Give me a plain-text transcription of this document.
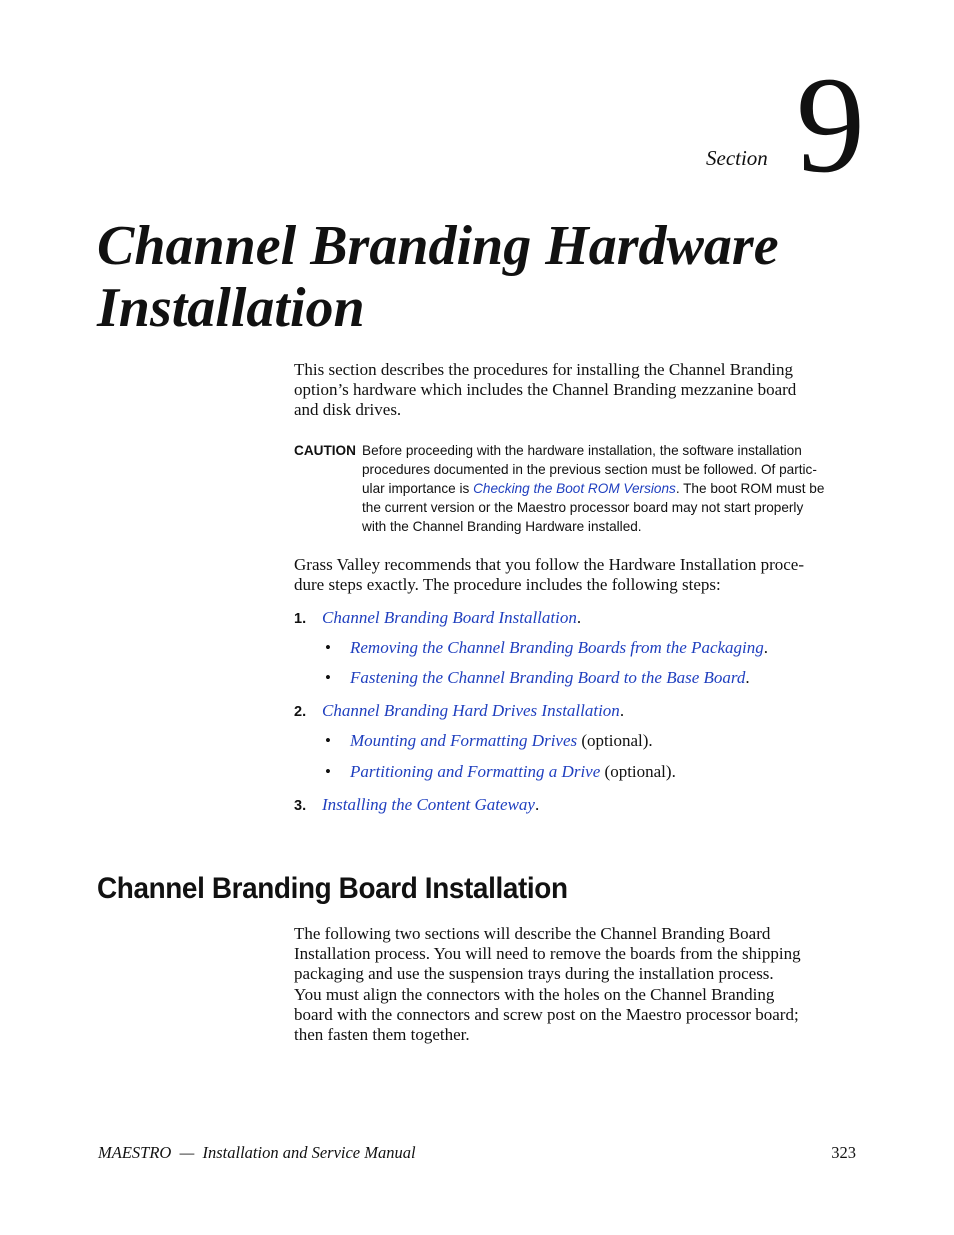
Section 9
Channel Branding Hardware
Installation

This section describes the procedures for installing the Channel Branding
option’s hardware which includes the Channel Branding mezzanine board
and disk drives.

CAUTION Before proceeding with the hardware installation, the software installation
procedures documented in the previous section must be followed. Of partic-
ular importance is Checking the Boot ROM Versions. The boot ROM must be
the current version or the Maestro processor board may not start properly
with the Channel Branding Hardware installed.

Grass Valley recommends that you follow the Hardware Installation proce-
dure steps exactly. The procedure includes the following steps:

1. Channel Branding Board Installation.
• Removing the Channel Branding Boards from the Packaging.
• Fastening the Channel Branding Board to the Base Board.
2. Channel Branding Hard Drives Installation.
• Mounting and Formatting Drives (optional).
• Partitioning and Formatting a Drive (optional).
3. Installing the Content Gateway.
Channel Branding Board Installation

The following two sections will describe the Channel Branding Board
Installation process. You will need to remove the boards from the shipping
packaging and use the suspension trays during the installation process.
You must align the connectors with the holes on the Channel Branding
board with the connectors and screw post on the Maestro processor board;
then fasten them together.

MAESTRO  —  Installation and Service Manual	323
